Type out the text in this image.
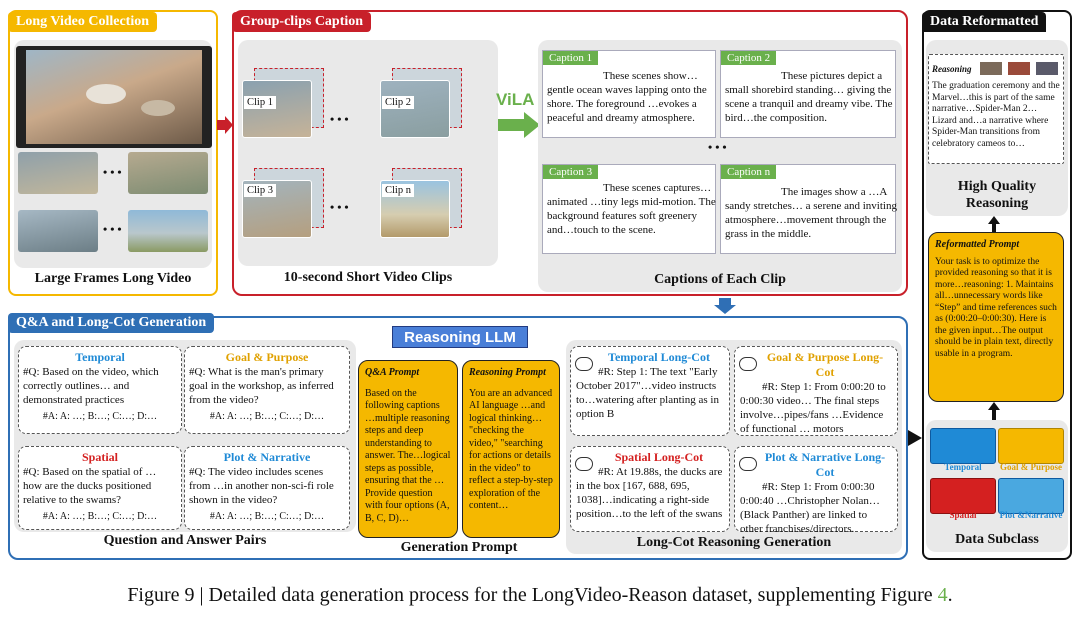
Long Video Collection
• • •
• • •
Large Frames Long Video
Group-clips Caption
Clip 1
• • •
Clip 2
Clip 3
• • •
Clip n
10-second Short Video Clips
ViLA
Caption 1
These scenes show… gentle ocean waves lapping onto the shore. The foreground …evokes a peaceful and dreamy atmosphere.
Caption 2
These pictures depict a small shorebird standing… giving the scene a tranquil and dreamy vibe. The bird…the composition.
• • •
Caption 3
These scenes captures… animated …tiny legs mid-motion. The background features soft greenery and…touch to the scene.
Caption n
The images show a …A sandy stretches… a serene and inviting atmosphere…movement through the grass in the middle.
Captions of Each Clip
Q&A and Long-Cot Generation
Temporal
#Q: Based on the video, which correctly outlines… and demonstrated practices
#A: A: …; B:…; C:…; D:…
Goal & Purpose
#Q: What is the man's primary goal in the workshop, as inferred from the video?
#A: A: …; B:…; C:…; D:…
Spatial
#Q: Based on the spatial of … how are the ducks positioned relative to the swams?
#A: A: …; B:…; C:…; D:…
Plot & Narrative
#Q: The video includes scenes from …in another non-sci-fi role shown in the video?
#A: A: …; B:…; C:…; D:…
Question and Answer Pairs
Reasoning LLM
Q&A Prompt
Based on the following captions …multiple reasoning steps and deep understanding to answer. The…logical steps as possible, ensuring that the …Provide question with four options (A, B, C, D)…
Reasoning Prompt
You are an advanced AI language …and logical thinking… "checking the video," "searching for actions or details in the video" to reflect a step-by-step exploration of the content…
Generation Prompt
Temporal Long-Cot
#R: Step 1: The text "Early October 2017"…video instructs to…watering after planting as in option B
Goal & Purpose Long-Cot
#R: Step 1: From 0:00:20 to 0:00:30 video… The final steps involve…pipes/fans …Evidence of functional … motors
Spatial Long-Cot
#R: At 19.88s, the ducks are in the box [167, 688, 695, 1038]…indicating a right-side position…to the left of the swans
Plot & Narrative Long-Cot
#R: Step 1: From 0:00:30 0:00:40 …Christopher Nolan… (Black Panther) are linked to other franchises/directors.
Long-Cot Reasoning Generation
Data Reformatted
Reasoning
The graduation ceremony and the Marvel…this is part of the same narrative…Spider-Man 2…Lizard and…a narrative where Spider-Man transitions from celebratory cameos to…
High Quality Reasoning
Reformatted Prompt
Your task is to optimize the provided reasoning so that it is more…reasoning: 1. Maintains all…unnecessary words like “Step” and time references such as (0:00:20–0:00:30). Here is the given input…The output should be in plain text, directly usable in a program.
Temporal	Goal & Purpose
Spatial	Plot &Narrative
Data Subclass
Figure 9 | Detailed data generation process for the LongVideo-Reason dataset, supplementing Figure 4.
